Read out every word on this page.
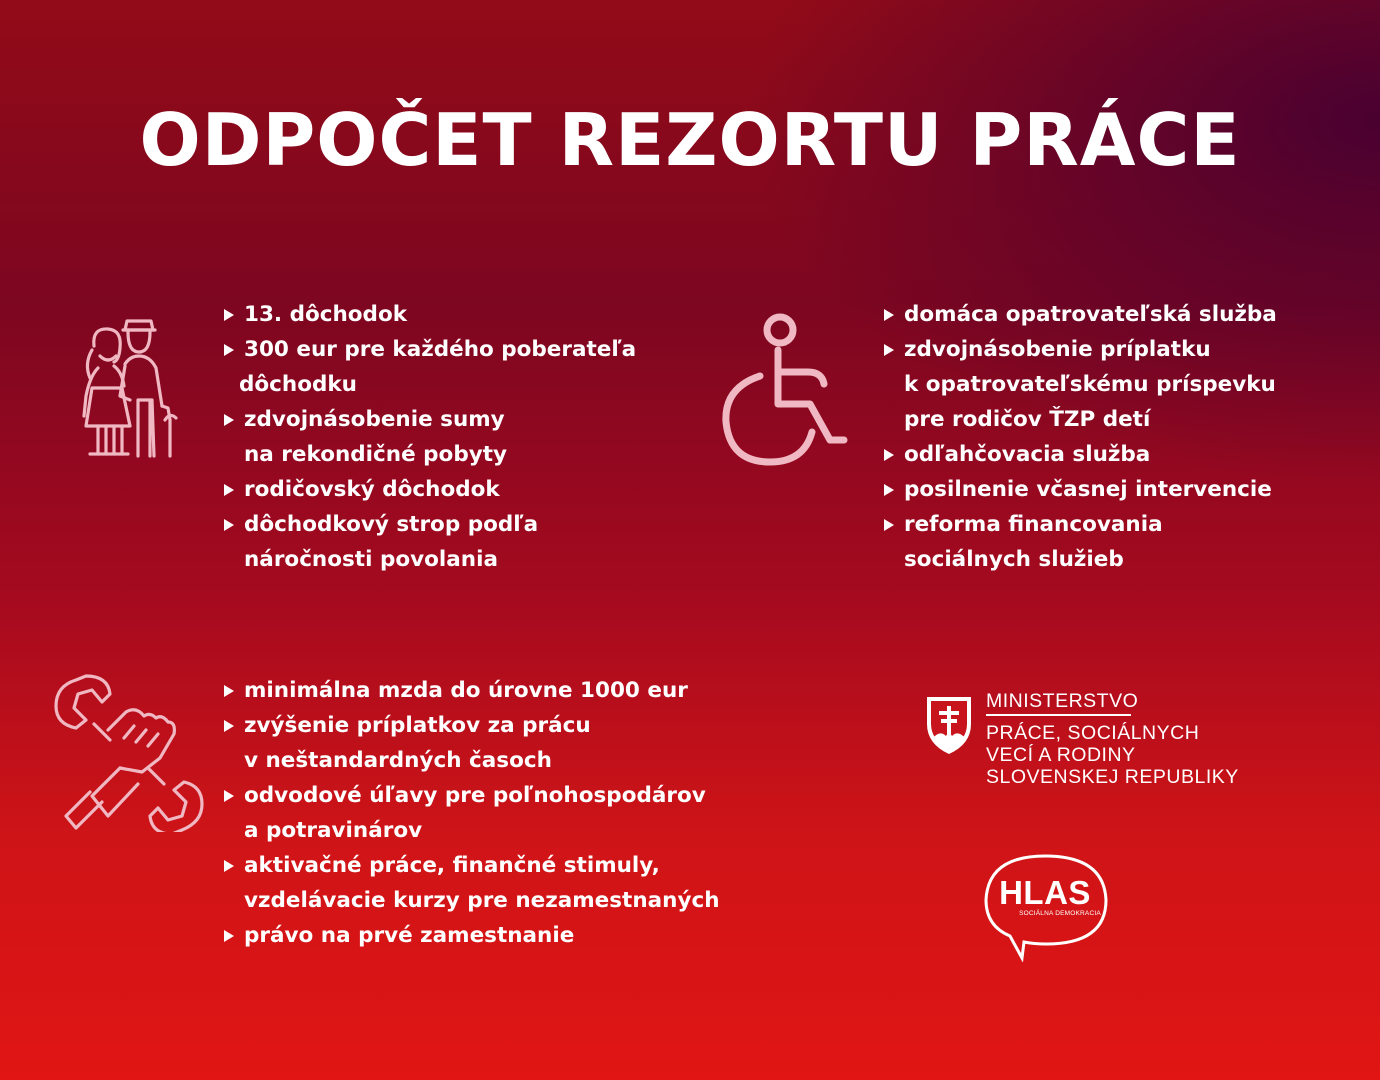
ODPOČET REZORTU PRÁCE
13. dôchodok
300 eur pre každého poberateľa
dôchodku
zdvojnásobenie sumy
na rekondičné pobyty
rodičovský dôchodok
dôchodkový strop podľa
náročnosti povolania
domáca opatrovateľská služba
zdvojnásobenie príplatku
k opatrovateľskému príspevku
pre rodičov ŤZP detí
odľahčovacia služba
posilnenie včasnej intervencie
reforma financovania
sociálnych služieb
minimálna mzda do úrovne 1000 eur
zvýšenie príplatkov za prácu
v neštandardných časoch
odvodové úľavy pre poľnohospodárov
a potravinárov
aktivačné práce, finančné stimuly,
vzdelávacie kurzy pre nezamestnaných
právo na prvé zamestnanie
MINISTERSTVO
PRÁCE, SOCIÁLNYCH
VECÍ A RODINY
SLOVENSKEJ REPUBLIKY
HLAS
SOCIÁLNA DEMOKRACIA
